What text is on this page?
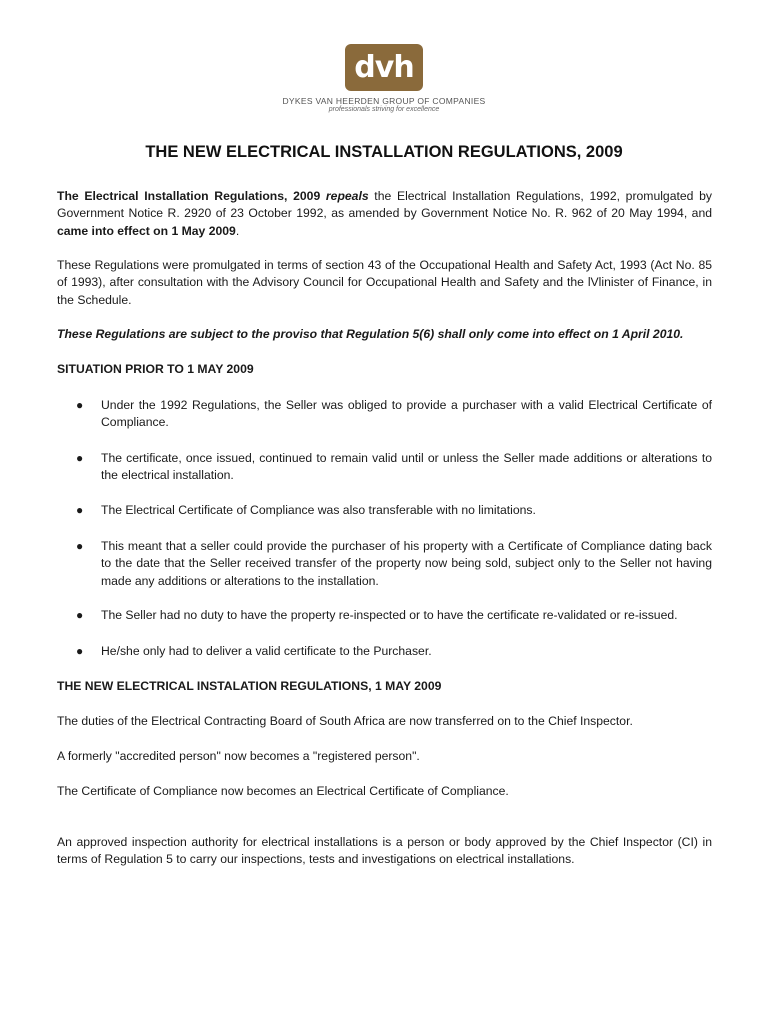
dvh
DYKES VAN HEERDEN GROUP OF COMPANIES
professionals striving for excellence
THE NEW ELECTRICAL INSTALLATION REGULATIONS, 2009
The Electrical Installation Regulations, 2009 repeals the Electrical Installation Regulations, 1992, promulgated by Government Notice R. 2920 of 23 October 1992, as amended by Government Notice No. R. 962 of 20 May 1994, and came into effect on 1 May 2009.
These Regulations were promulgated in terms of section 43 of the Occupational Health and Safety Act, 1993 (Act No. 85 of 1993), after consultation with the Advisory Council for Occupational Health and Safety and the lVlinister of Finance, in the Schedule.
These Regulations are subject to the proviso that Regulation 5(6) shall only come into effect on 1 April 2010.
SITUATION PRIOR TO 1 MAY 2009
●	Under the 1992 Regulations, the Seller was obliged to provide a purchaser with a valid Electrical Certificate of Compliance.
●	The certificate, once issued, continued to remain valid until or unless the Seller made additions or alterations to the electrical installation.
●	The Electrical Certificate of Compliance was also transferable with no limitations.
●	This meant that a seller could provide the purchaser of his property with a Certificate of Compliance dating back to the date that the Seller received transfer of the property now being sold, subject only to the Seller not having made any additions or alterations to the installation.
●	The Seller had no duty to have the property re-inspected or to have the certificate re-validated or re-issued.
●	He/she only had to deliver a valid certificate to the Purchaser.
THE NEW ELECTRICAL INSTALATION REGULATIONS, 1 MAY 2009
The duties of the Electrical Contracting Board of South Africa are now transferred on to the Chief Inspector.
A formerly "accredited person" now becomes a "registered person".
The Certificate of Compliance now becomes an Electrical Certificate of Compliance.
An approved inspection authority for electrical installations is a person or body approved by the Chief Inspector (CI) in terms of Regulation 5 to carry our inspections, tests and investigations on electrical installations.
